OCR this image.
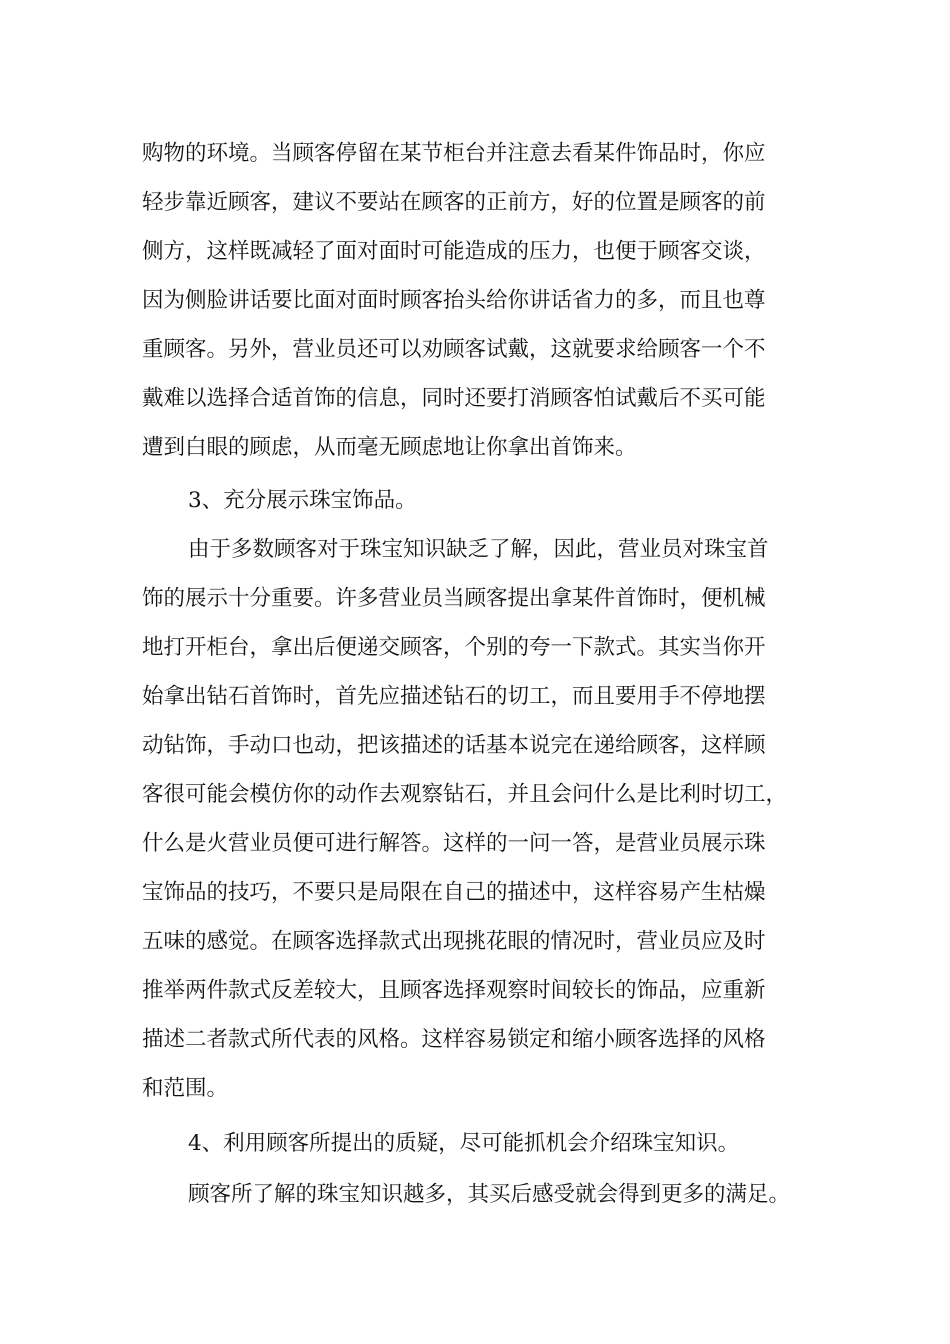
购物的环境。当顾客停留在某节柜台并注意去看某件饰品时，你应
轻步靠近顾客，建议不要站在顾客的正前方，好的位置是顾客的前
侧方，这样既减轻了面对面时可能造成的压力，也便于顾客交谈，
因为侧脸讲话要比面对面时顾客抬头给你讲话省力的多，而且也尊
重顾客。另外，营业员还可以劝顾客试戴，这就要求给顾客一个不
戴难以选择合适首饰的信息，同时还要打消顾客怕试戴后不买可能
遭到白眼的顾虑，从而毫无顾虑地让你拿出首饰来。
3、充分展示珠宝饰品。
由于多数顾客对于珠宝知识缺乏了解，因此，营业员对珠宝首
饰的展示十分重要。许多营业员当顾客提出拿某件首饰时，便机械
地打开柜台，拿出后便递交顾客，个别的夸一下款式。其实当你开
始拿出钻石首饰时，首先应描述钻石的切工，而且要用手不停地摆
动钻饰，手动口也动，把该描述的话基本说完在递给顾客，这样顾
客很可能会模仿你的动作去观察钻石，并且会问什么是比利时切工，
什么是火营业员便可进行解答。这样的一问一答，是营业员展示珠
宝饰品的技巧，不要只是局限在自己的描述中，这样容易产生枯燥
五味的感觉。在顾客选择款式出现挑花眼的情况时，营业员应及时
推举两件款式反差较大，且顾客选择观察时间较长的饰品，应重新
描述二者款式所代表的风格。这样容易锁定和缩小顾客选择的风格
和范围。
4、利用顾客所提出的质疑，尽可能抓机会介绍珠宝知识。
顾客所了解的珠宝知识越多，其买后感受就会得到更多的满足。
